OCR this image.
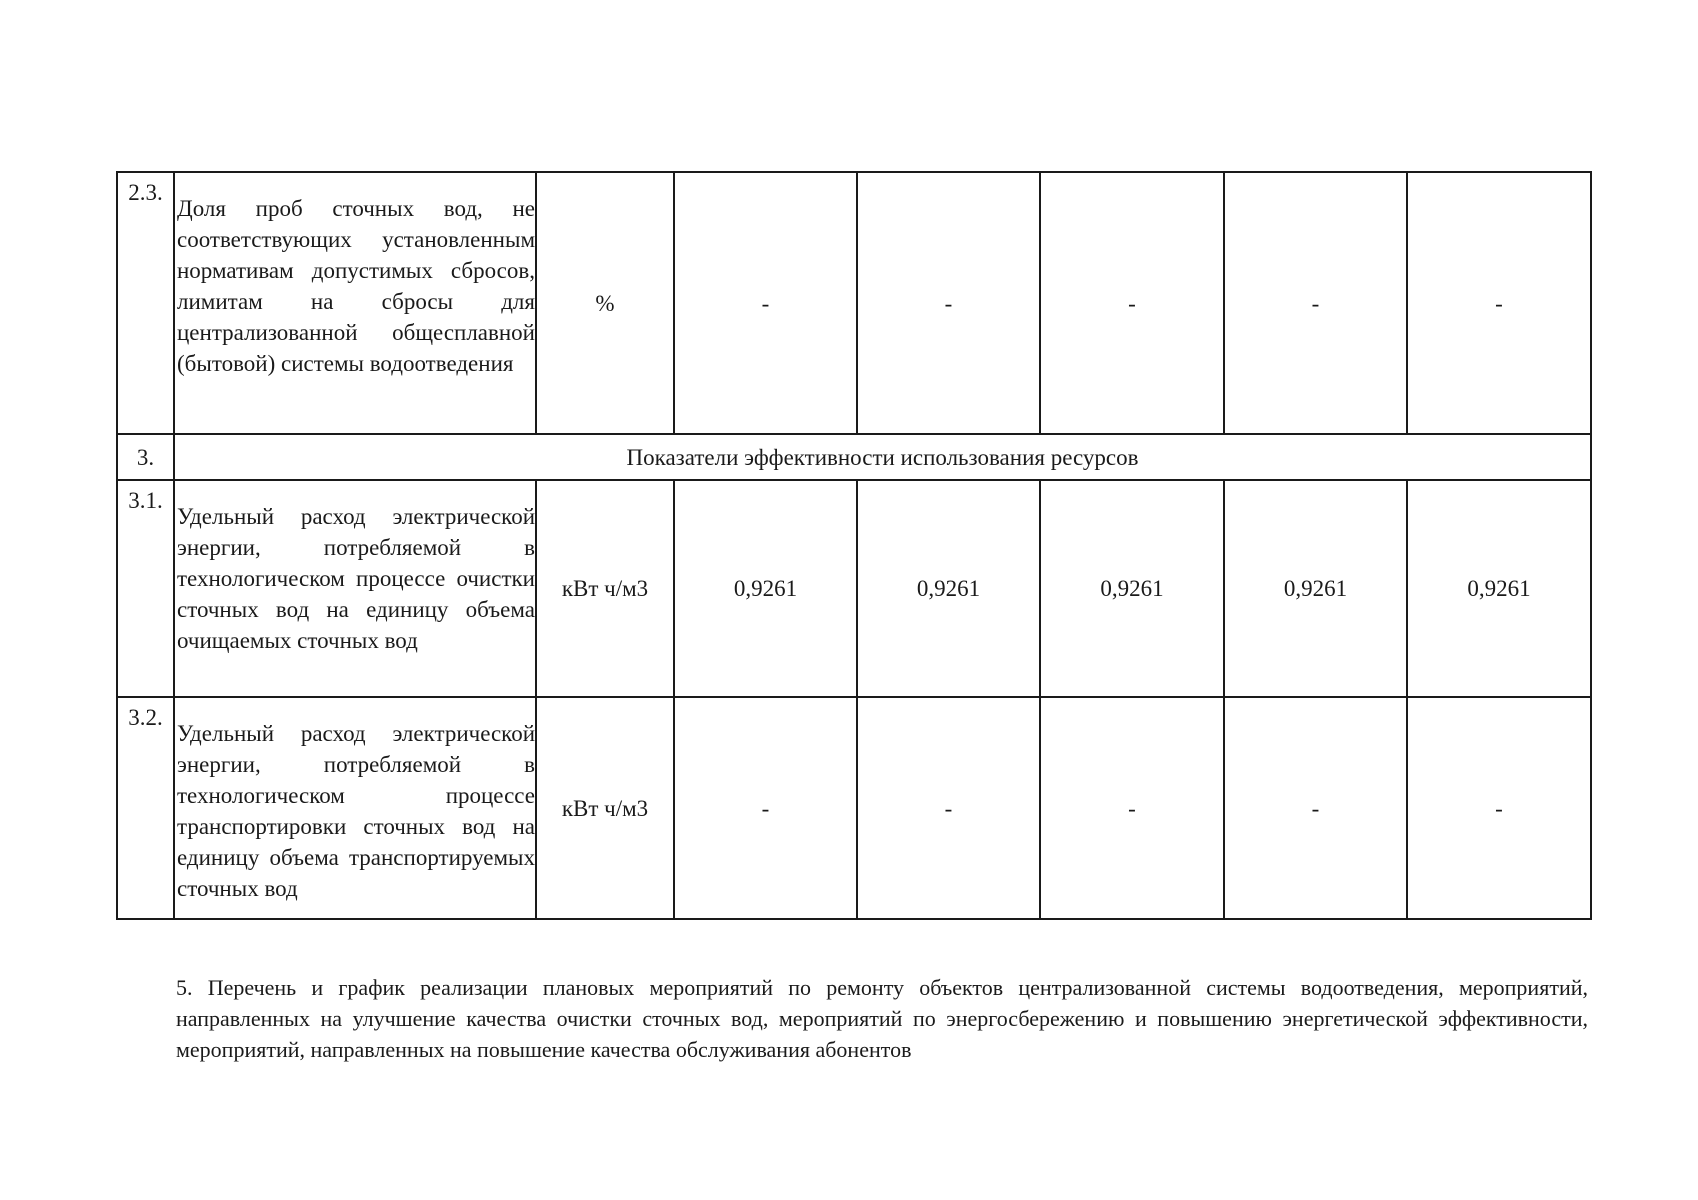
2.3.	Доля проб сточных вод, не соответствующих установленным нормативам допустимых сбросов, лимитам на сбросы для централизованной общесплавной (бытовой) системы водоотведения	%	-	-	-	-	-
3.	Показатели эффективности использования ресурсов						
3.1.	Удельный расход электрической энергии, потребляемой в технологическом процессе очистки сточных вод на единицу объема очищаемых сточных вод	кВт ч/м3	0,9261	0,9261	0,9261	0,9261	0,9261
3.2.	Удельный расход электрической энергии, потребляемой в технологическом процессе транспортировки сточных вод на единицу объема транспортируемых сточных вод	кВт ч/м3	-	-	-	-	-

5. Перечень и график реализации плановых мероприятий по ремонту объектов централизованной системы водоотведения, мероприятий, направленных на улучшение качества очистки сточных вод, мероприятий по энергосбережению и повышению энергетической эффективности, мероприятий, направленных на повышение качества обслуживания абонентов
